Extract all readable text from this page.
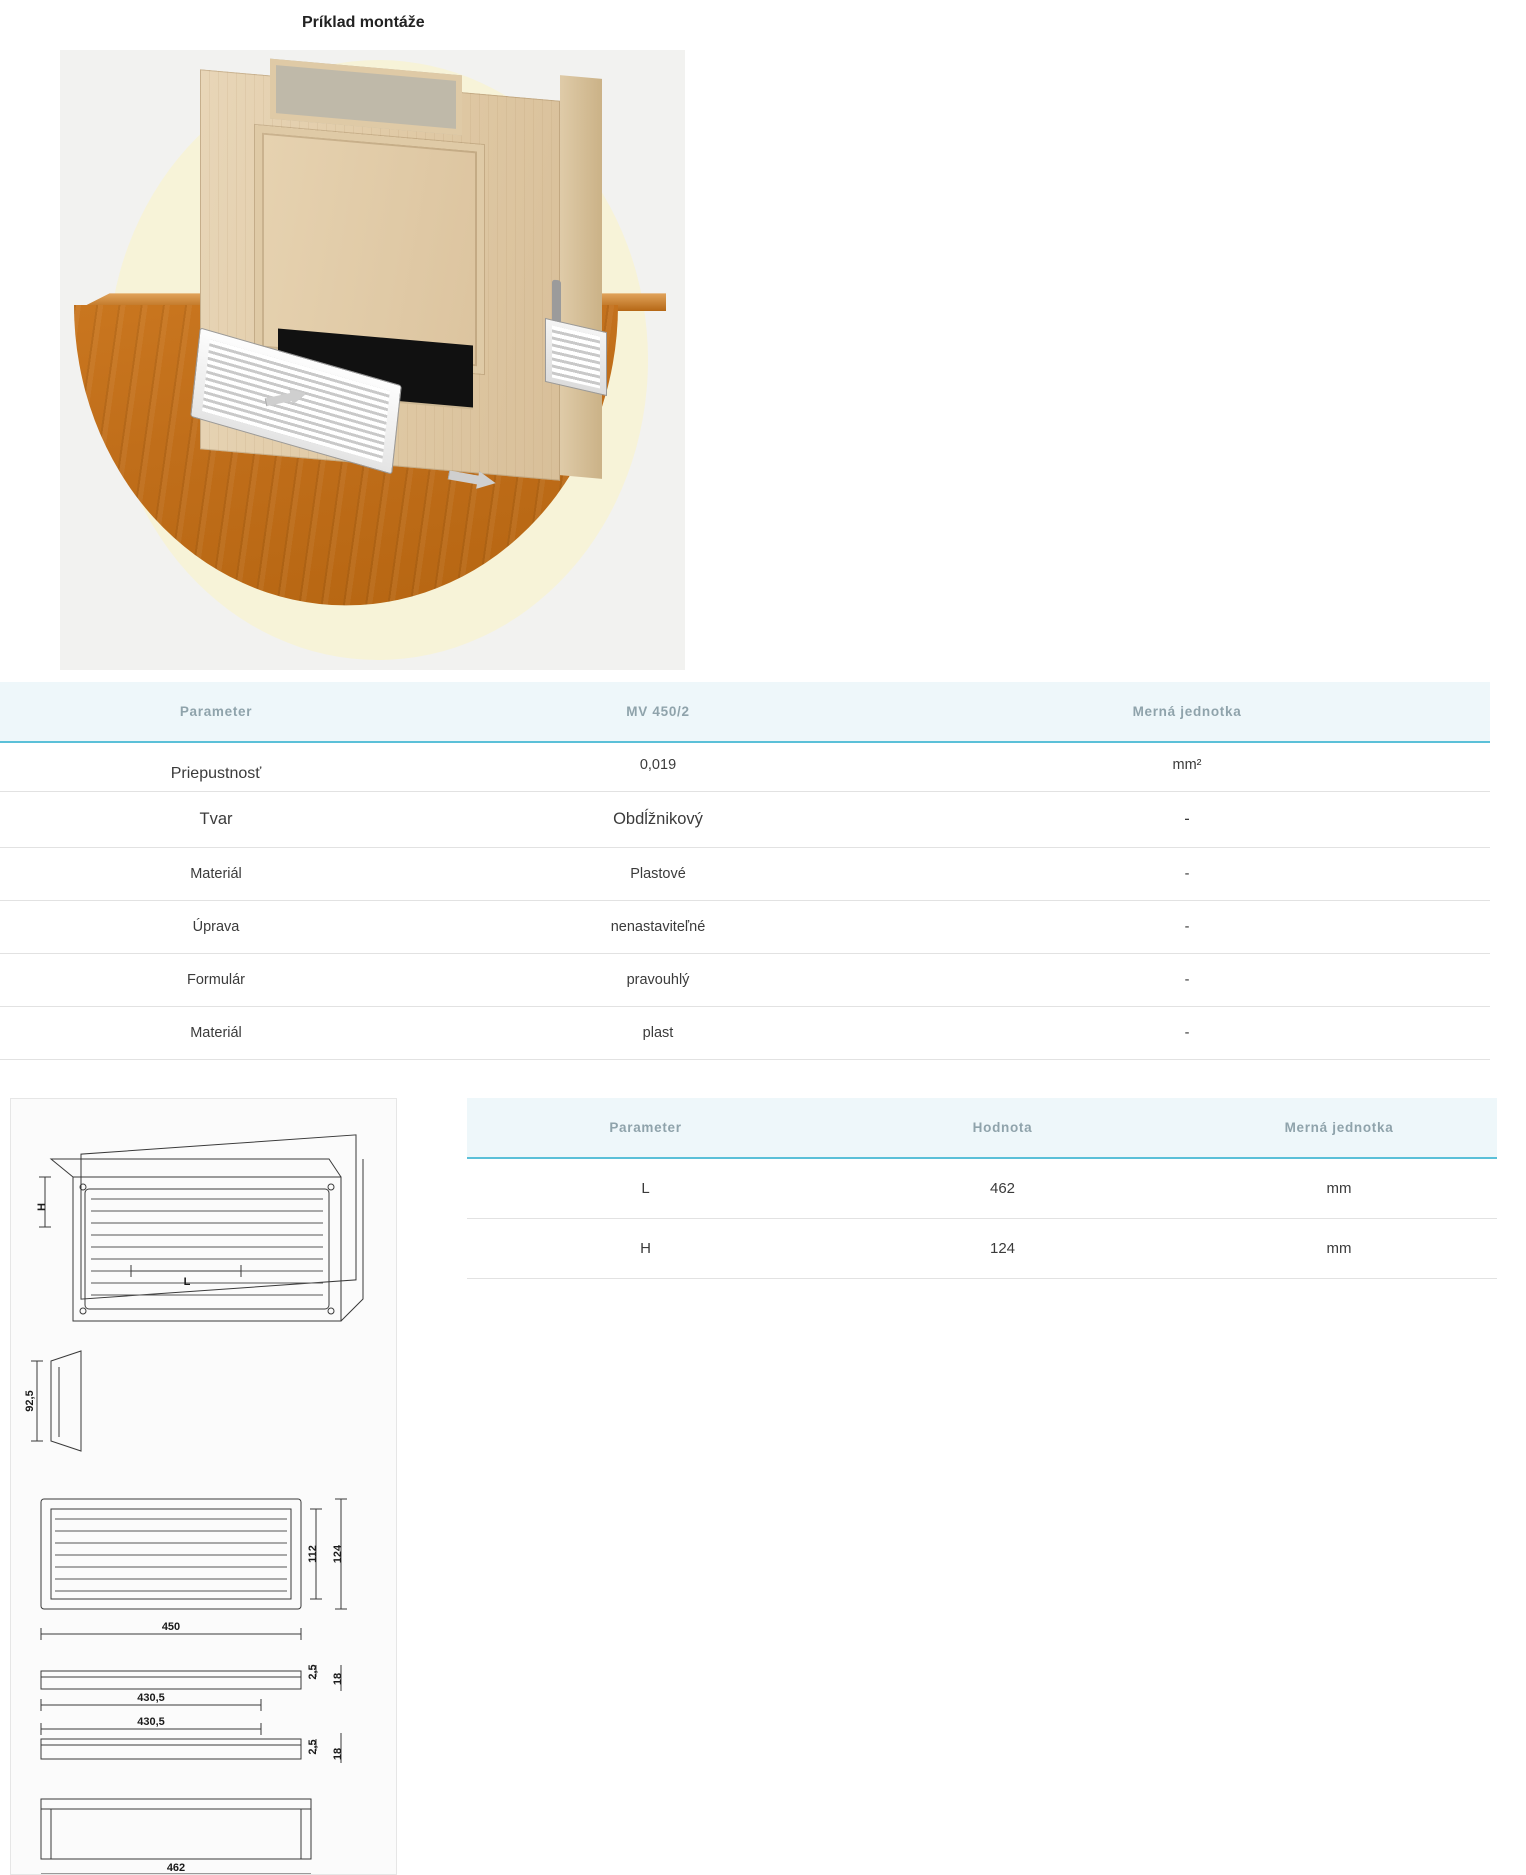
Príklad montáže
Parameter	MV 450/2	Merná jednotka
Priepustnosť	0,019	mm²
Tvar	Obdĺžnikový	-
Materiál	Plastové	-
Úprava	nenastaviteľné	-
Formulár	pravouhlý	-
Materiál	plast	-
H
L
92,5
112 124
450
2,5 18
430,5
430,5
2,5 18
462
Parameter	Hodnota	Merná jednotka
L	462	mm
H	124	mm
